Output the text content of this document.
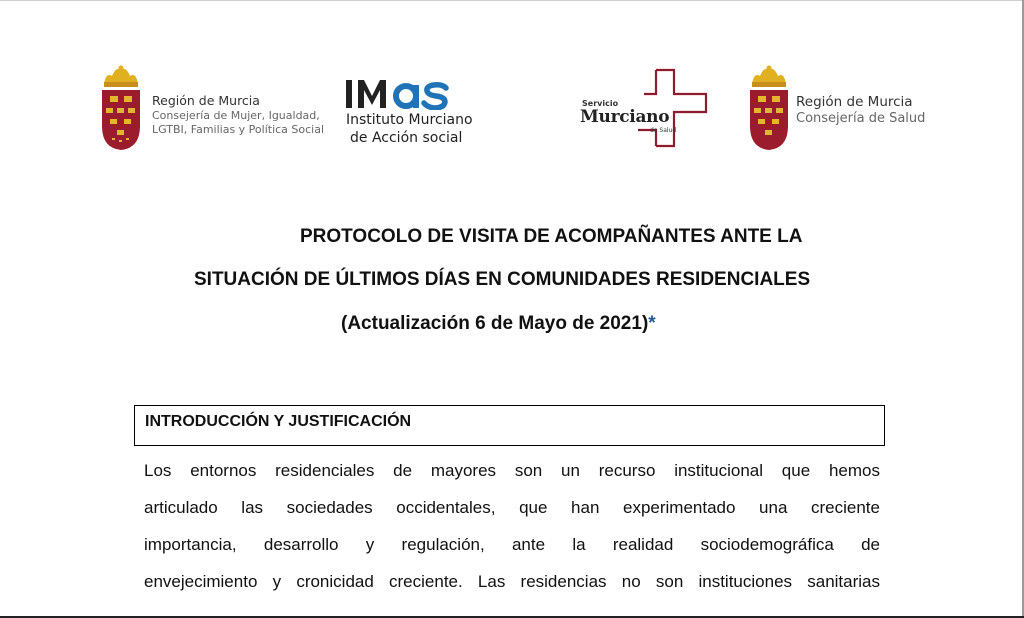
Región de Murcia
Consejería de Mujer, Igualdad,
LGTBI, Familias y Política Social
Instituto Murciano
de Acción social
Servicio
Murciano
de Salud
Región de Murcia
Consejería de Salud
PROTOCOLO DE VISITA DE ACOMPAÑANTES ANTE LA
SITUACIÓN DE ÚLTIMOS DÍAS EN COMUNIDADES RESIDENCIALES
(Actualización 6 de Mayo de 2021)*
INTRODUCCIÓN Y JUSTIFICACIÓN
Los entornos residenciales de mayores son un recurso institucional que hemos
articulado las sociedades occidentales, que han experimentado una creciente
importancia, desarrollo y regulación, ante la realidad sociodemográfica de
envejecimiento y cronicidad creciente. Las residencias no son instituciones sanitarias
